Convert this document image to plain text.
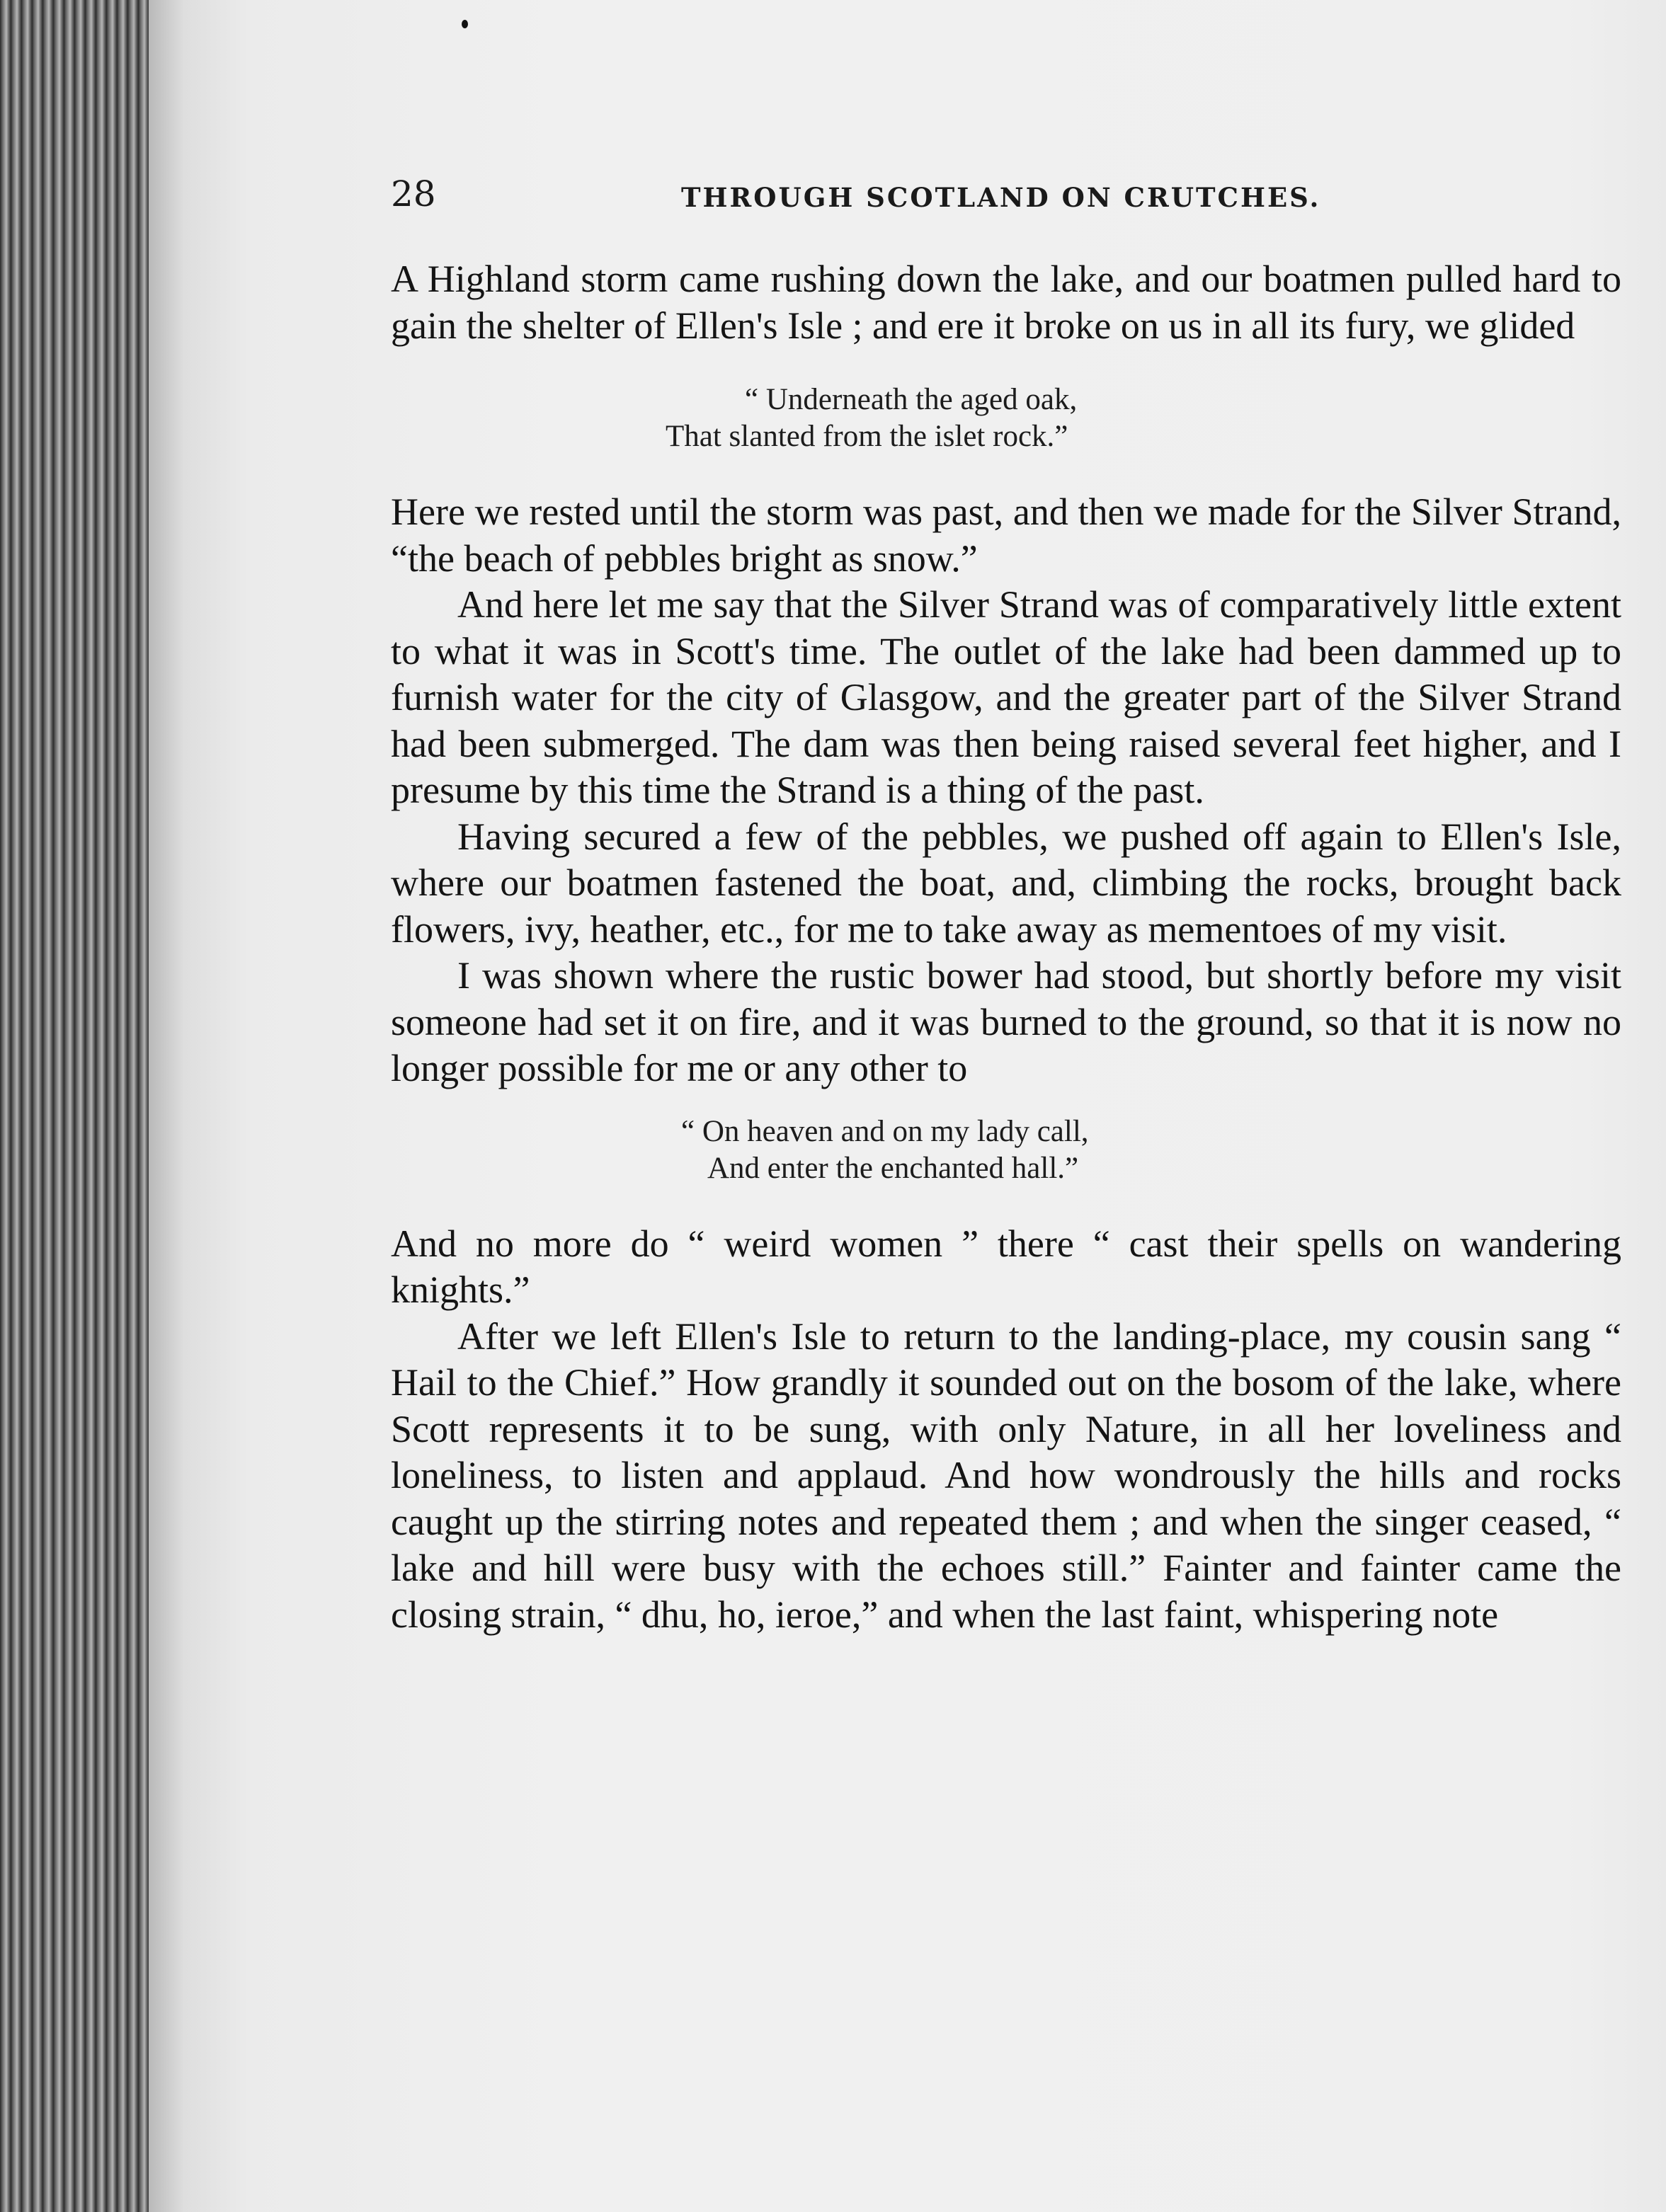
28	THROUGH SCOTLAND ON CRUTCHES.

A Highland storm came rushing down the lake, and our boatmen pulled hard to gain the shelter of Ellen's Isle ; and ere it broke on us in all its fury, we glided

“ Underneath the aged oak,
That slanted from the islet rock.”

Here we rested until the storm was past, and then we made for the Silver Strand, “the beach of pebbles bright as snow.”

And here let me say that the Silver Strand was of comparatively little extent to what it was in Scott's time. The outlet of the lake had been dammed up to furnish water for the city of Glasgow, and the greater part of the Silver Strand had been submerged. The dam was then being raised several feet higher, and I presume by this time the Strand is a thing of the past.

Having secured a few of the pebbles, we pushed off again to Ellen's Isle, where our boatmen fastened the boat, and, climbing the rocks, brought back flowers, ivy, heather, etc., for me to take away as mementoes of my visit.

I was shown where the rustic bower had stood, but shortly before my visit someone had set it on fire, and it was burned to the ground, so that it is now no longer possible for me or any other to

“ On heaven and on my lady call,
And enter the enchanted hall.”

And no more do “ weird women ” there “ cast their spells on wandering knights.”

After we left Ellen's Isle to return to the landing-place, my cousin sang “ Hail to the Chief.” How grandly it sounded out on the bosom of the lake, where Scott represents it to be sung, with only Nature, in all her loveliness and loneliness, to listen and applaud. And how wondrously the hills and rocks caught up the stirring notes and repeated them ; and when the singer ceased, “ lake and hill were busy with the echoes still.” Fainter and fainter came the closing strain, “ dhu, ho, ieroe,” and when the last faint, whispering note
